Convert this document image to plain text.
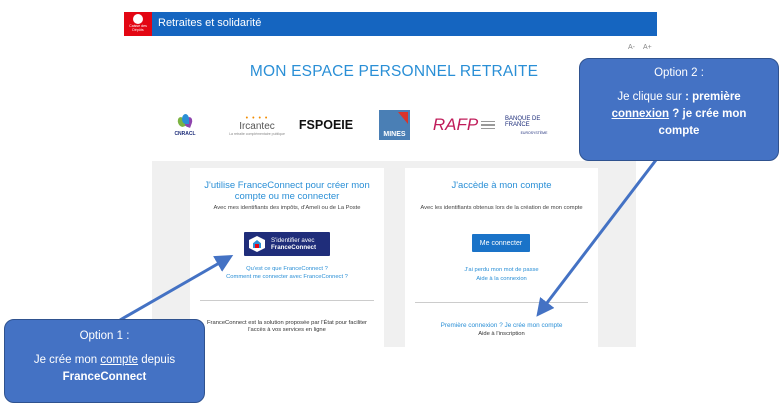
Caisse des Dépôts
Retraites et solidarité
A- A+
MON ESPACE PERSONNEL RETRAITE
CNRACL
• • • •
Ircantec
La retraite complémentaire publique
FSPOEIE
MINES
RAFP	BANQUE DE FRANCE
EUROSYSTÈME
J'utilise FranceConnect pour créer mon compte ou me connecter
Avec mes identifiants des impôts, d'Ameli ou de La Poste
S'identifier avec
FranceConnect
Qu'est ce que FranceConnect ?
Comment me connecter avec FranceConnect ?
FranceConnect est la solution proposée par l'État pour faciliter l'accès à vos services en ligne
J'accède à mon compte
Avec les identifiants obtenus lors de la création de mon compte
Me connecter
J'ai perdu mon mot de passe
Aide à la connexion
Première connexion ? Je crée mon compte
Aide à l'inscription
Option 2 :
Je clique sur : première
connexion ? je crée mon
compte
Option 1 :
Je crée mon compte depuis
FranceConnect
